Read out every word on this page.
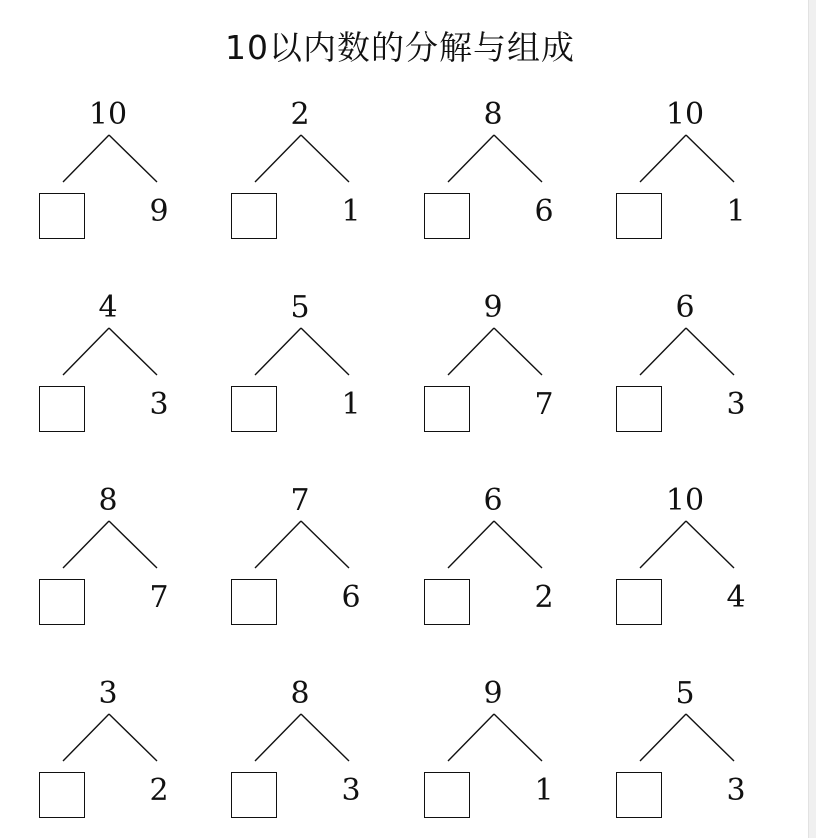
10以内数的分解与组成
10
9
2
1
8
6
10
1
4
3
5
1
9
7
6
3
8
7
7
6
6
2
10
4
3
2
8
3
9
1
5
3
